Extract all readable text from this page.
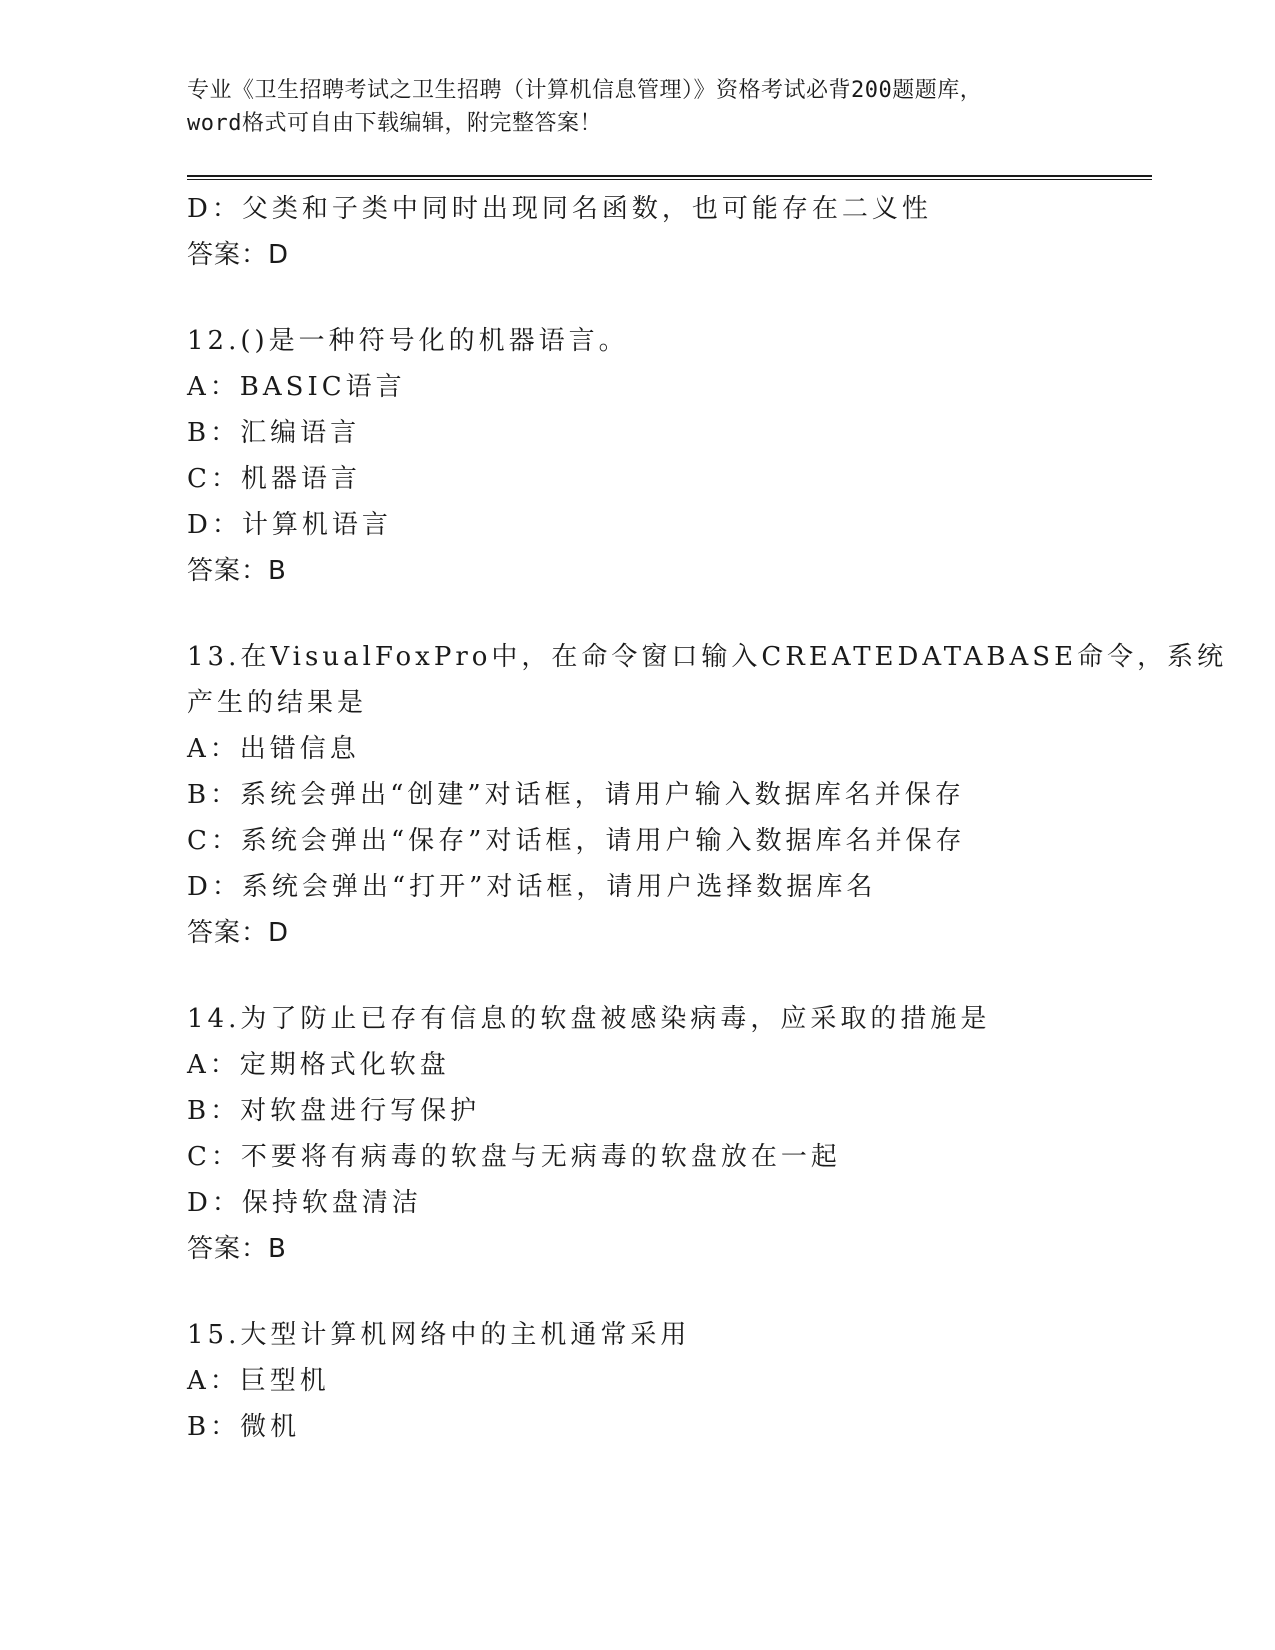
专业《卫生招聘考试之卫生招聘（计算机信息管理）》资格考试必背200题题库，
word格式可自由下载编辑，附完整答案！
D：父类和子类中同时出现同名函数，也可能存在二义性
答案：D
12.()是一种符号化的机器语言。
A：BASIC语言
B：汇编语言
C：机器语言
D：计算机语言
答案：B
13.在VisualFoxPro中，在命令窗口输入CREATEDATABASE命令，系统
产生的结果是
A：出错信息
B：系统会弹出“创建”对话框，请用户输入数据库名并保存
C：系统会弹出“保存”对话框，请用户输入数据库名并保存
D：系统会弹出“打开”对话框，请用户选择数据库名
答案：D
14.为了防止已存有信息的软盘被感染病毒，应采取的措施是
A：定期格式化软盘
B：对软盘进行写保护
C：不要将有病毒的软盘与无病毒的软盘放在一起
D：保持软盘清洁
答案：B
15.大型计算机网络中的主机通常采用
A：巨型机
B：微机
